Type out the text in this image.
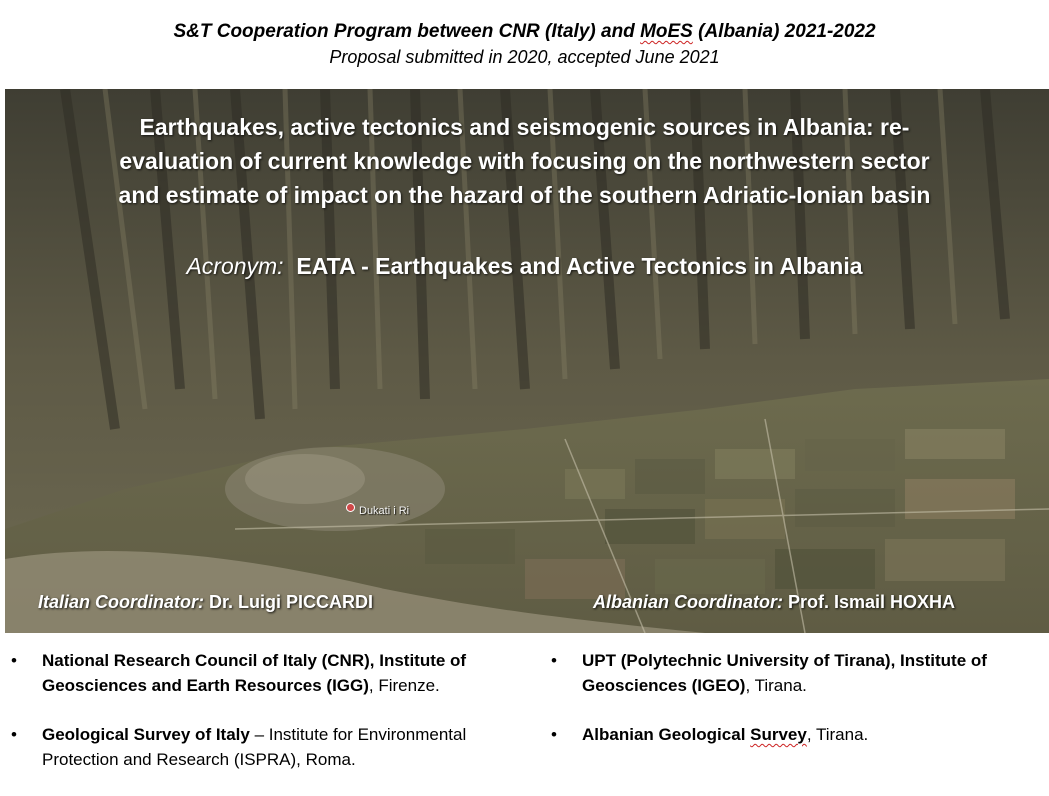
S&T Cooperation Program between CNR (Italy) and MoES (Albania) 2021-2022
Proposal submitted in 2020, accepted June 2021
Earthquakes, active tectonics and seismogenic sources in Albania: re-
evaluation of current knowledge with focusing on the northwestern sector
and estimate of impact on the hazard of the southern Adriatic-Ionian basin
Acronym: EATA - Earthquakes and Active Tectonics in Albania
Dukati i Ri
Italian Coordinator: Dr. Luigi PICCARDI	Albanian Coordinator: Prof. Ismail HOXHA
• National Research Council of Italy (CNR), Institute of Geosciences and Earth Resources (IGG), Firenze.
• Geological Survey of Italy – Institute for Environmental Protection and Research (ISPRA), Roma.
• UPT (Polytechnic University of Tirana), Institute of Geosciences (IGEO), Tirana.
• Albanian Geological Survey, Tirana.
